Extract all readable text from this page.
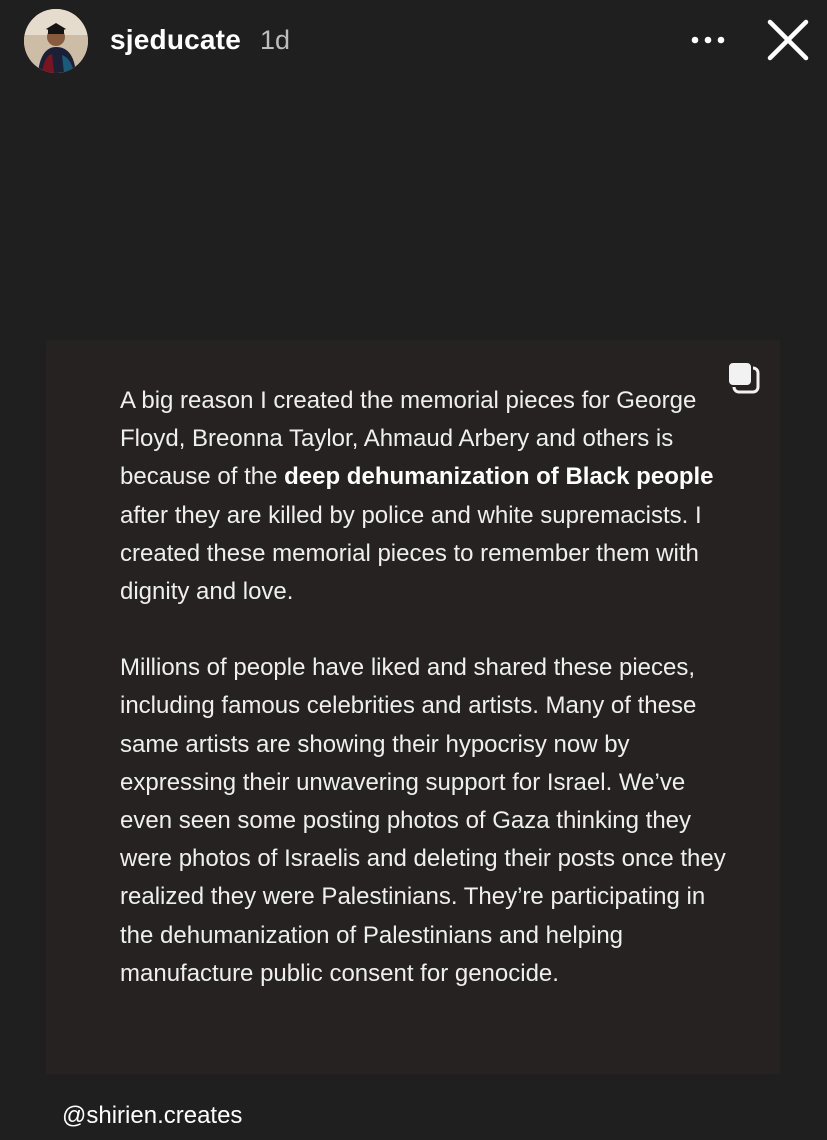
sjeducate 1d

A big reason I created the memorial pieces for George Floyd, Breonna Taylor, Ahmaud Arbery and others is because of the deep dehumanization of Black people after they are killed by police and white supremacists. I created these memorial pieces to remember them with dignity and love.

Millions of people have liked and shared these pieces, including famous celebrities and artists. Many of these same artists are showing their hypocrisy now by expressing their unwavering support for Israel. We’ve even seen some posting photos of Gaza thinking they were photos of Israelis and deleting their posts once they realized they were Palestinians. They’re participating in the dehumanization of Palestinians and helping manufacture public consent for genocide.

@shirien.creates
